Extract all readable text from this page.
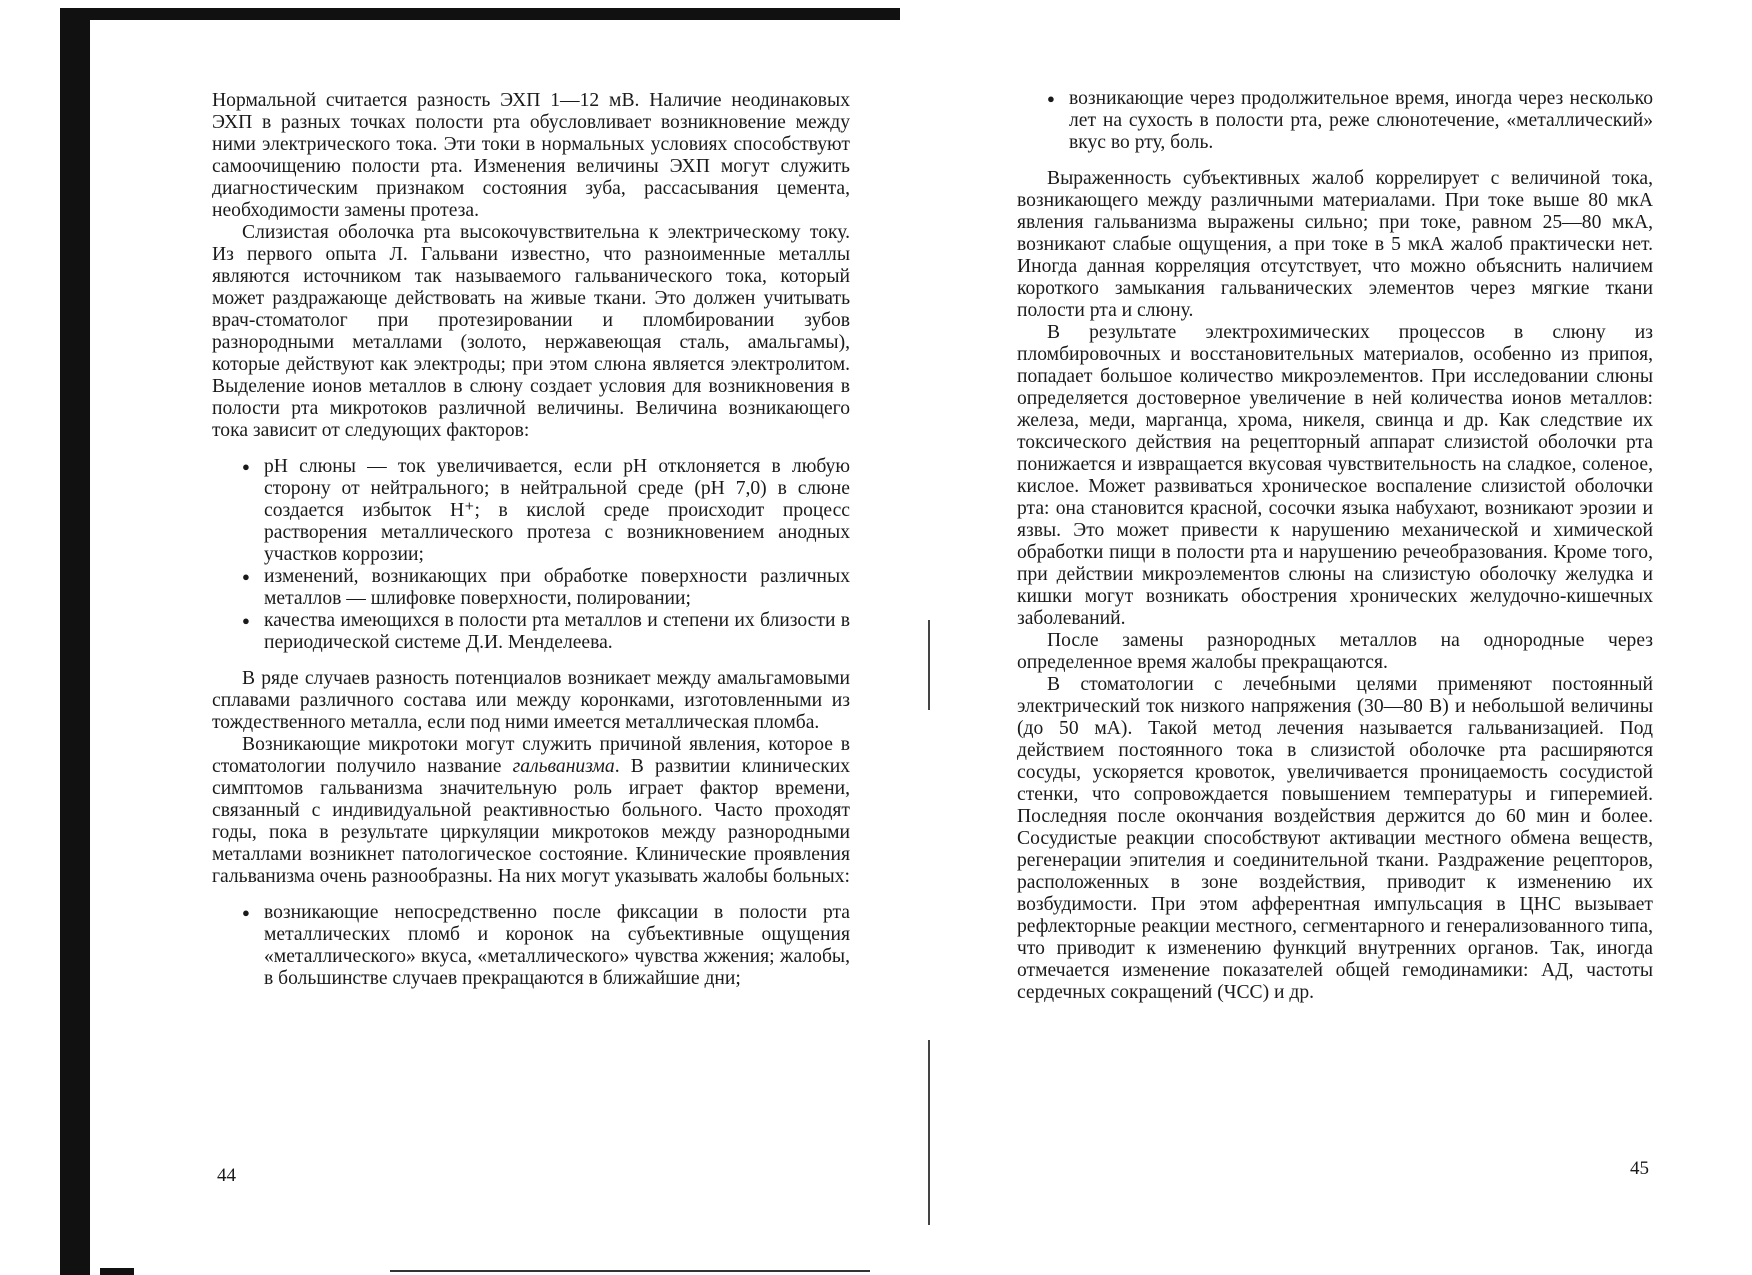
Нормальной считается разность ЭХП 1—12 мВ. Наличие неодинаковых ЭХП в разных точках полости рта обусловливает возникновение между ними электрического тока. Эти токи в нормальных условиях способствуют самоочищению полости рта. Изменения величины ЭХП могут служить диагностическим признаком состояния зуба, рассасывания цемента, необходимости замены протеза.

Слизистая оболочка рта высокочувствительна к электрическому току. Из первого опыта Л. Гальвани известно, что разноименные металлы являются источником так называемого гальванического тока, который может раздражающе действовать на живые ткани. Это должен учитывать врач-стоматолог при протезировании и пломбировании зубов разнородными металлами (золото, нержавеющая сталь, амальгамы), которые действуют как электроды; при этом слюна является электролитом. Выделение ионов металлов в слюну создает условия для возникновения в полости рта микротоков различной величины. Величина возникающего тока зависит от следующих факторов:

● pH слюны — ток увеличивается, если pH отклоняется в любую сторону от нейтрального; в нейтральной среде (pH 7,0) в слюне создается избыток H⁺; в кислой среде происходит процесс растворения металлического протеза с возникновением анодных участков коррозии;
● изменений, возникающих при обработке поверхности различных металлов — шлифовке поверхности, полировании;
● качества имеющихся в полости рта металлов и степени их близости в периодической системе Д.И. Менделеева.

В ряде случаев разность потенциалов возникает между амальгамовыми сплавами различного состава или между коронками, изготовленными из тождественного металла, если под ними имеется металлическая пломба.

Возникающие микротоки могут служить причиной явления, которое в стоматологии получило название гальванизма. В развитии клинических симптомов гальванизма значительную роль играет фактор времени, связанный с индивидуальной реактивностью больного. Часто проходят годы, пока в результате циркуляции микротоков между разнородными металлами возникнет патологическое состояние. Клинические проявления гальванизма очень разнообразны. На них могут указывать жалобы больных:

● возникающие непосредственно после фиксации в полости рта металлических пломб и коронок на субъективные ощущения «металлического» вкуса, «металлического» чувства жжения; жалобы, в большинстве случаев прекращаются в ближайшие дни;
44
● возникающие через продолжительное время, иногда через несколько лет на сухость в полости рта, реже слюнотечение, «металлический» вкус во рту, боль.

Выраженность субъективных жалоб коррелирует с величиной тока, возникающего между различными материалами. При токе выше 80 мкА явления гальванизма выражены сильно; при токе, равном 25—80 мкА, возникают слабые ощущения, а при токе в 5 мкА жалоб практически нет. Иногда данная корреляция отсутствует, что можно объяснить наличием короткого замыкания гальванических элементов через мягкие ткани полости рта и слюну.

В результате электрохимических процессов в слюну из пломбировочных и восстановительных материалов, особенно из припоя, попадает большое количество микроэлементов. При исследовании слюны определяется достоверное увеличение в ней количества ионов металлов: железа, меди, марганца, хрома, никеля, свинца и др. Как следствие их токсического действия на рецепторный аппарат слизистой оболочки рта понижается и извращается вкусовая чувствительность на сладкое, соленое, кислое. Может развиваться хроническое воспаление слизистой оболочки рта: она становится красной, сосочки языка набухают, возникают эрозии и язвы. Это может привести к нарушению механической и химической обработки пищи в полости рта и нарушению речеобразования. Кроме того, при действии микроэлементов слюны на слизистую оболочку желудка и кишки могут возникать обострения хронических желудочно-кишечных заболеваний.

После замены разнородных металлов на однородные через определенное время жалобы прекращаются.

В стоматологии с лечебными целями применяют постоянный электрический ток низкого напряжения (30—80 В) и небольшой величины (до 50 мА). Такой метод лечения называется гальванизацией. Под действием постоянного тока в слизистой оболочке рта расширяются сосуды, ускоряется кровоток, увеличивается проницаемость сосудистой стенки, что сопровождается повышением температуры и гиперемией. Последняя после окончания воздействия держится до 60 мин и более. Сосудистые реакции способствуют активации местного обмена веществ, регенерации эпителия и соединительной ткани. Раздражение рецепторов, расположенных в зоне воздействия, приводит к изменению их возбудимости. При этом афферентная импульсация в ЦНС вызывает рефлекторные реакции местного, сегментарного и генерализованного типа, что приводит к изменению функций внутренних органов. Так, иногда отмечается изменение показателей общей гемодинамики: АД, частоты сердечных сокращений (ЧСС) и др.

45
